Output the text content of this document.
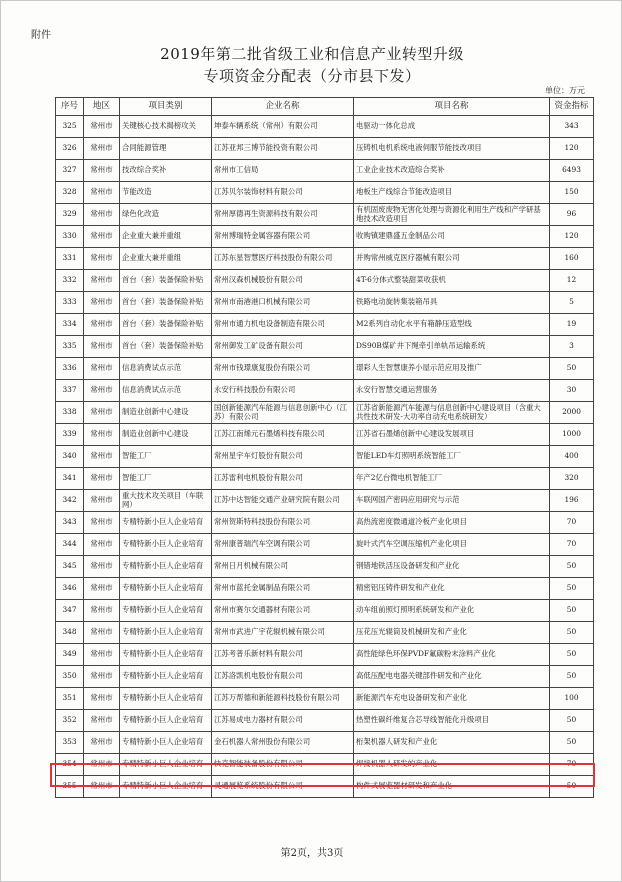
附件
2019年第二批省级工业和信息产业转型升级
专项资金分配表（分市县下发）
单位：万元
序号	地区	项目类别	企业名称	项目名称	资金指标
325	常州市	关键核心技术揭榜攻关	坤泰车辆系统（常州）有限公司	电驱动一体化总成	343
326	常州市	合同能源管理	江苏亚邦三博节能投资有限公司	压铸机电机系统电液伺服节能技改项目	120
327	常州市	技改综合奖补	常州市工信局	工业企业技术改造综合奖补	6493
328	常州市	节能改造	江苏贝尔装饰材料有限公司	地板生产线综合节能改造项目	150
329	常州市	绿色化改造	常州厚德再生资源科技有限公司	有机固废废物无害化处理与资源化利用生产线和产学研基地技术改造项目	96
330	常州市	企业重大兼并重组	常州博瑞特金属容器有限公司	收购镇建鼎盛五金制品公司	120
331	常州市	企业重大兼并重组	江苏东星智慧医疗科技股份有限公司	并购常州威克医疗器械有限公司	160
332	常州市	首台（套）装备保险补贴	常州汉森机械股份有限公司	4T-6分体式整装甜菜收获机	12
333	常州市	首台（套）装备保险补贴	常州市南港港口机械有限公司	铁路电动旋转集装箱吊具	5
334	常州市	首台（套）装备保险补贴	常州市通力机电设备制造有限公司	M2系列自动化水平有箱静压造型线	19
335	常州市	首台（套）装备保险补贴	常州御发工矿设备有限公司	DS90B煤矿井下绳牵引单轨吊运输系统	3
336	常州市	信息消费试点示范	常州市钱璟康复股份有限公司	璟彩人生智慧康养小屋示范应用及推广	50
337	常州市	信息消费试点示范	永安行科技股份有限公司	永安行智慧交通运营服务	30
338	常州市	制造业创新中心建设	国创新能源汽车能源与信息创新中心（江苏）有限公司	江苏省新能源汽车能源与信息创新中心建设项目（含重大共性技术研发-大功率自动充电系统研发）	2000
339	常州市	制造业创新中心建设	江苏江南烯元石墨烯科技有限公司	江苏省石墨烯创新中心建设发展项目	1000
340	常州市	智能工厂	常州星宇车灯股份有限公司	智能LED车灯照明系统智能工厂	400
341	常州市	智能工厂	江苏雷利电机股份有限公司	年产2亿台微电机智能工厂	320
342	常州市	重大技术攻关项目（车联网）	江苏中达智能交通产业研究院有限公司	车联网国产密码应用研究与示范	196
343	常州市	专精特新小巨人企业培育	常州贺斯特科技股份有限公司	高热流密度微通道冷板产业化项目	70
344	常州市	专精特新小巨人企业培育	常州康普瑞汽车空调有限公司	旋叶式汽车空调压缩机产业化项目	70
345	常州市	专精特新小巨人企业培育	常州日月机械有限公司	钢错地铁活压设备研发和产业化	50
346	常州市	专精特新小巨人企业培育	常州市蓝托金属制品有限公司	精密铝压铸件研发和产业化	50
347	常州市	专精特新小巨人企业培育	常州市赛尔交通器材有限公司	动车组前照灯照明系统研发和产业化	50
348	常州市	专精特新小巨人企业培育	常州市武进广宇花辊机械有限公司	压花压光辊筒及机械研发和产业化	50
349	常州市	专精特新小巨人企业培育	江苏考普乐新材料有限公司	高性能绿色环保PVDF氟碳粉末涂料产业化	50
350	常州市	专精特新小巨人企业培育	江苏洛凯机电股份有限公司	高低压配电电器关键部件研发和产业化	50
351	常州市	专精特新小巨人企业培育	江苏万帮德和新能源科技股份有限公司	新能源汽车充电设备研发和产业化	100
352	常州市	专精特新小巨人企业培育	江苏易成电力器材有限公司	热塑性碳纤维复合芯导线智能化升级项目	50
353	常州市	专精特新小巨人企业培育	金石机器人常州股份有限公司	桁架机器人研发和产业化	50
354	常州市	专精特新小巨人企业培育	快克智能装备股份有限公司	焊接机器人研发的产业化	70
355	常州市	专精特新小巨人企业培育	灵通展览系统股份有限公司	构件式展览器材研发和产业化	50
第2页，共3页
